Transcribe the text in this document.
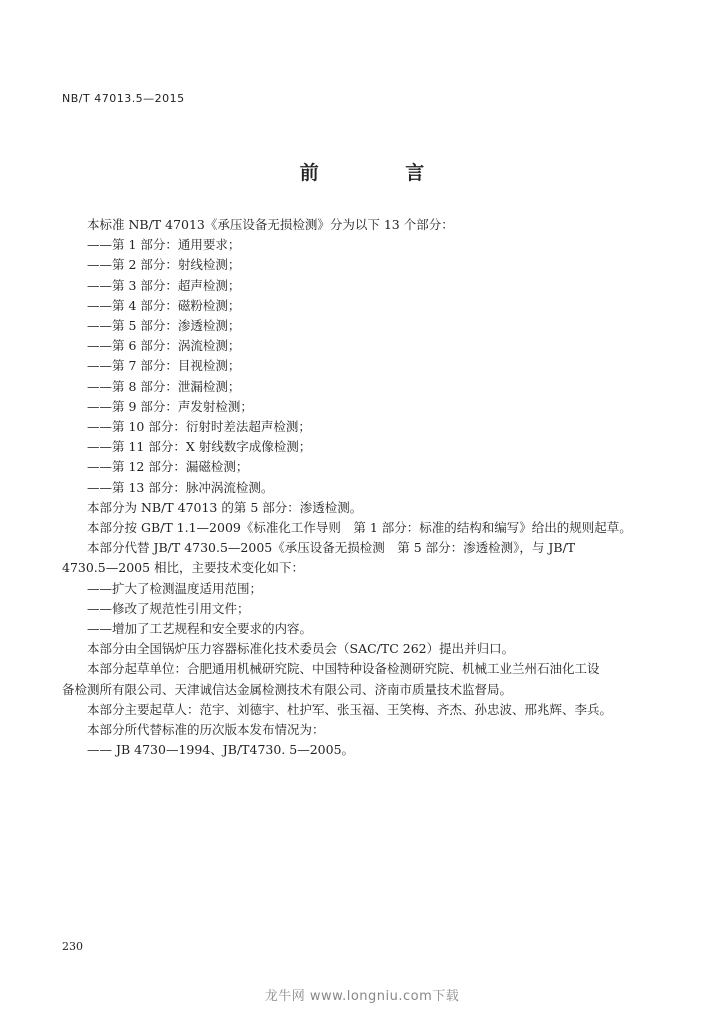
NB/T 47013.5—2015
前 言
本标准 NB/T 47013《承压设备无损检测》分为以下 13 个部分：
——第 1 部分：通用要求；
——第 2 部分：射线检测；
——第 3 部分：超声检测；
——第 4 部分：磁粉检测；
——第 5 部分：渗透检测；
——第 6 部分：涡流检测；
——第 7 部分：目视检测；
——第 8 部分：泄漏检测；
——第 9 部分：声发射检测；
——第 10 部分：衍射时差法超声检测；
——第 11 部分：X 射线数字成像检测；
——第 12 部分：漏磁检测；
——第 13 部分：脉冲涡流检测。
本部分为 NB/T 47013 的第 5 部分：渗透检测。
本部分按 GB/T 1.1—2009《标准化工作导则　第 1 部分：标准的结构和编写》给出的规则起草。
本部分代替 JB/T 4730.5—2005《承压设备无损检测　第 5 部分：渗透检测》，与 JB/T
4730.5—2005 相比，主要技术变化如下：
——扩大了检测温度适用范围；
——修改了规范性引用文件；
——增加了工艺规程和安全要求的内容。
本部分由全国锅炉压力容器标准化技术委员会（SAC/TC 262）提出并归口。
本部分起草单位：合肥通用机械研究院、中国特种设备检测研究院、机械工业兰州石油化工设
备检测所有限公司、天津诚信达金属检测技术有限公司、济南市质量技术监督局。
本部分主要起草人：范宇、刘德宇、杜护军、张玉福、王笑梅、齐杰、孙忠波、邢兆辉、李兵。
本部分所代替标准的历次版本发布情况为：
—— JB 4730—1994、JB/T4730. 5—2005。
230
龙牛网 www.longniu.com下载
